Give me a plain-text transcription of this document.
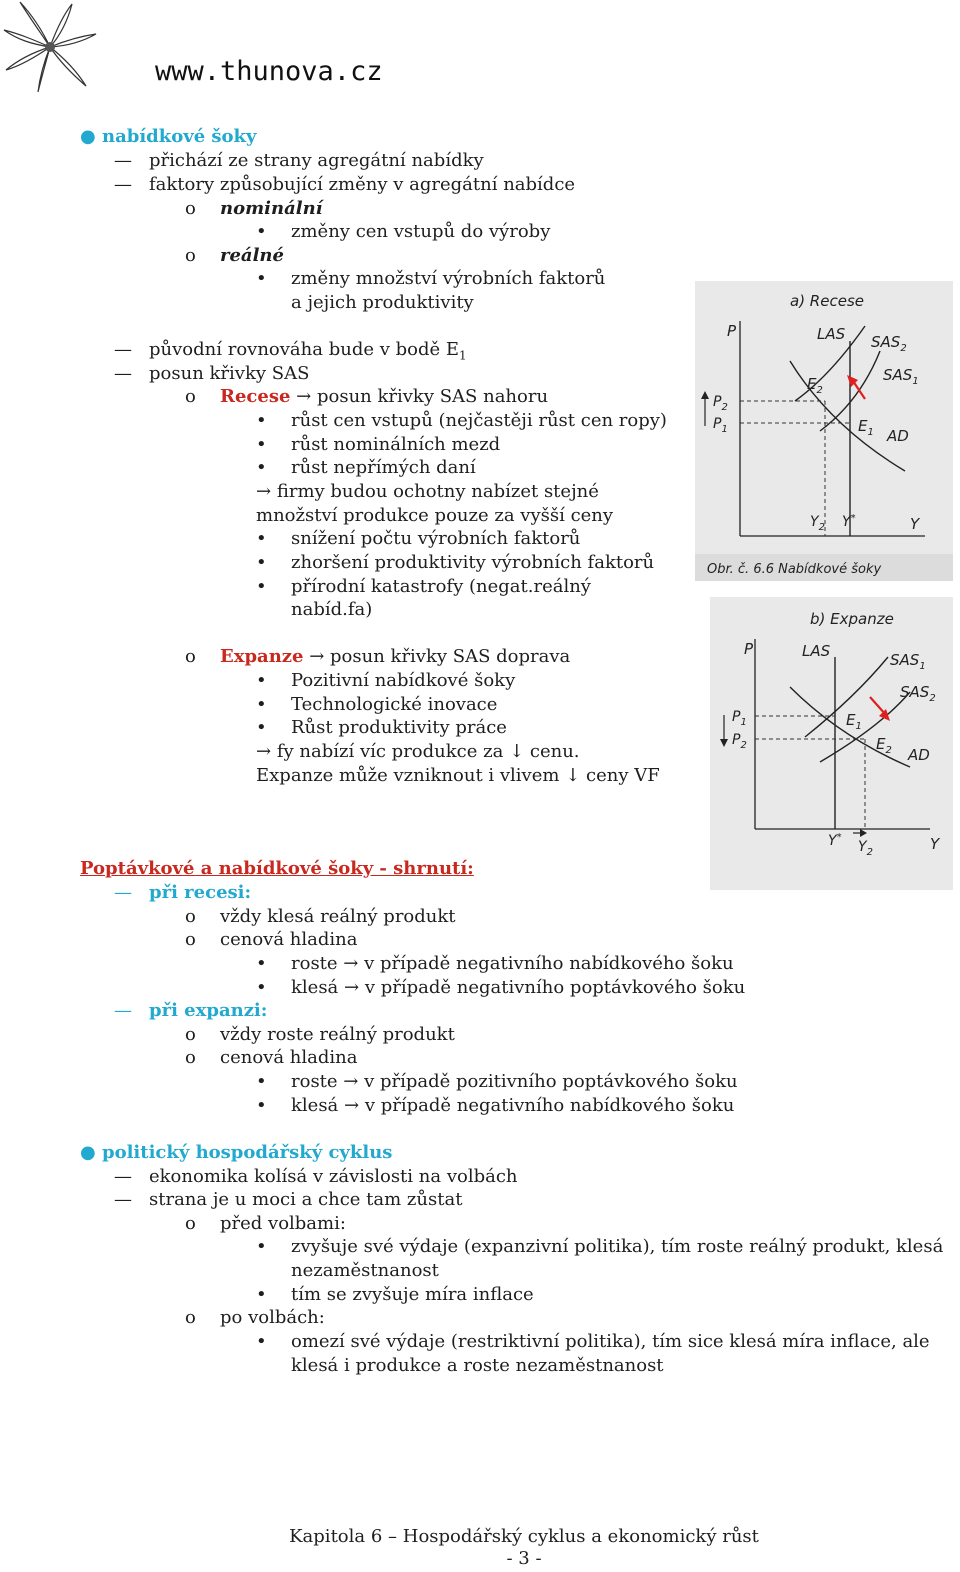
www.thunova.cz
● nabídkové šoky
— přichází ze strany agregátní nabídky
— faktory způsobující změny v agregátní nabídce
o nominální
• změny cen vstupů do výroby
o reálné
• změny množství výrobních faktorů
a jejich produktivity
— původní rovnováha bude v bodě $E_1$
— posun křivky SAS
o Recese → posun křivky SAS nahoru
• růst cen vstupů (nejčastěji růst cen ropy)
• růst nominálních mezd
• růst nepřímých daní
→ firmy budou ochotny nabízet stejné
množství produkce pouze za vyšší ceny
• snížení počtu výrobních faktorů
• zhoršení produktivity výrobních faktorů
• přírodní katastrofy (negat.reálný
nabíd.fa)
o Expanze → posun křivky SAS doprava
• Pozitivní nabídkové šoky
• Technologické inovace
• Růst produktivity práce
→ fy nabízí víc produkce za ↓ cenu.
Expanze může vzniknout i vlivem ↓ ceny VF
a) Recese
P
Y
LAS $SAS_2$
$SAS_1$
AD
$E_2$
$E_1$
$P_2$
$P_1$
$Y_2$ Y*
Obr. č. 6.6 Nabídkové šoky
b) Expanze
P
Y
LAS	$SAS_1$
$SAS_2$
AD
$E_1$
$E_2$
$P_1$
$P_2$
Y*
$Y_2$
Poptávkové a nabídkové šoky - shrnutí:
— při recesi:
o vždy klesá reálný produkt
o cenová hladina
• roste → v případě negativního nabídkového šoku
• klesá → v případě negativního poptávkového šoku
— při expanzi:
o vždy roste reálný produkt
o cenová hladina
• roste → v případě pozitivního poptávkového šoku
• klesá → v případě negativního nabídkového šoku
● politický hospodářský cyklus
— ekonomika kolísá v závislosti na volbách
— strana je u moci a chce tam zůstat
o před volbami:
• zvyšuje své výdaje (expanzivní politika), tím roste reálný produkt, klesá
nezaměstnanost
• tím se zvyšuje míra inflace
o po volbách:
• omezí své výdaje (restriktivní politika), tím sice klesá míra inflace, ale
klesá i produkce a roste nezaměstnanost
Kapitola 6 – Hospodářský cyklus a ekonomický růst
- 3 -
